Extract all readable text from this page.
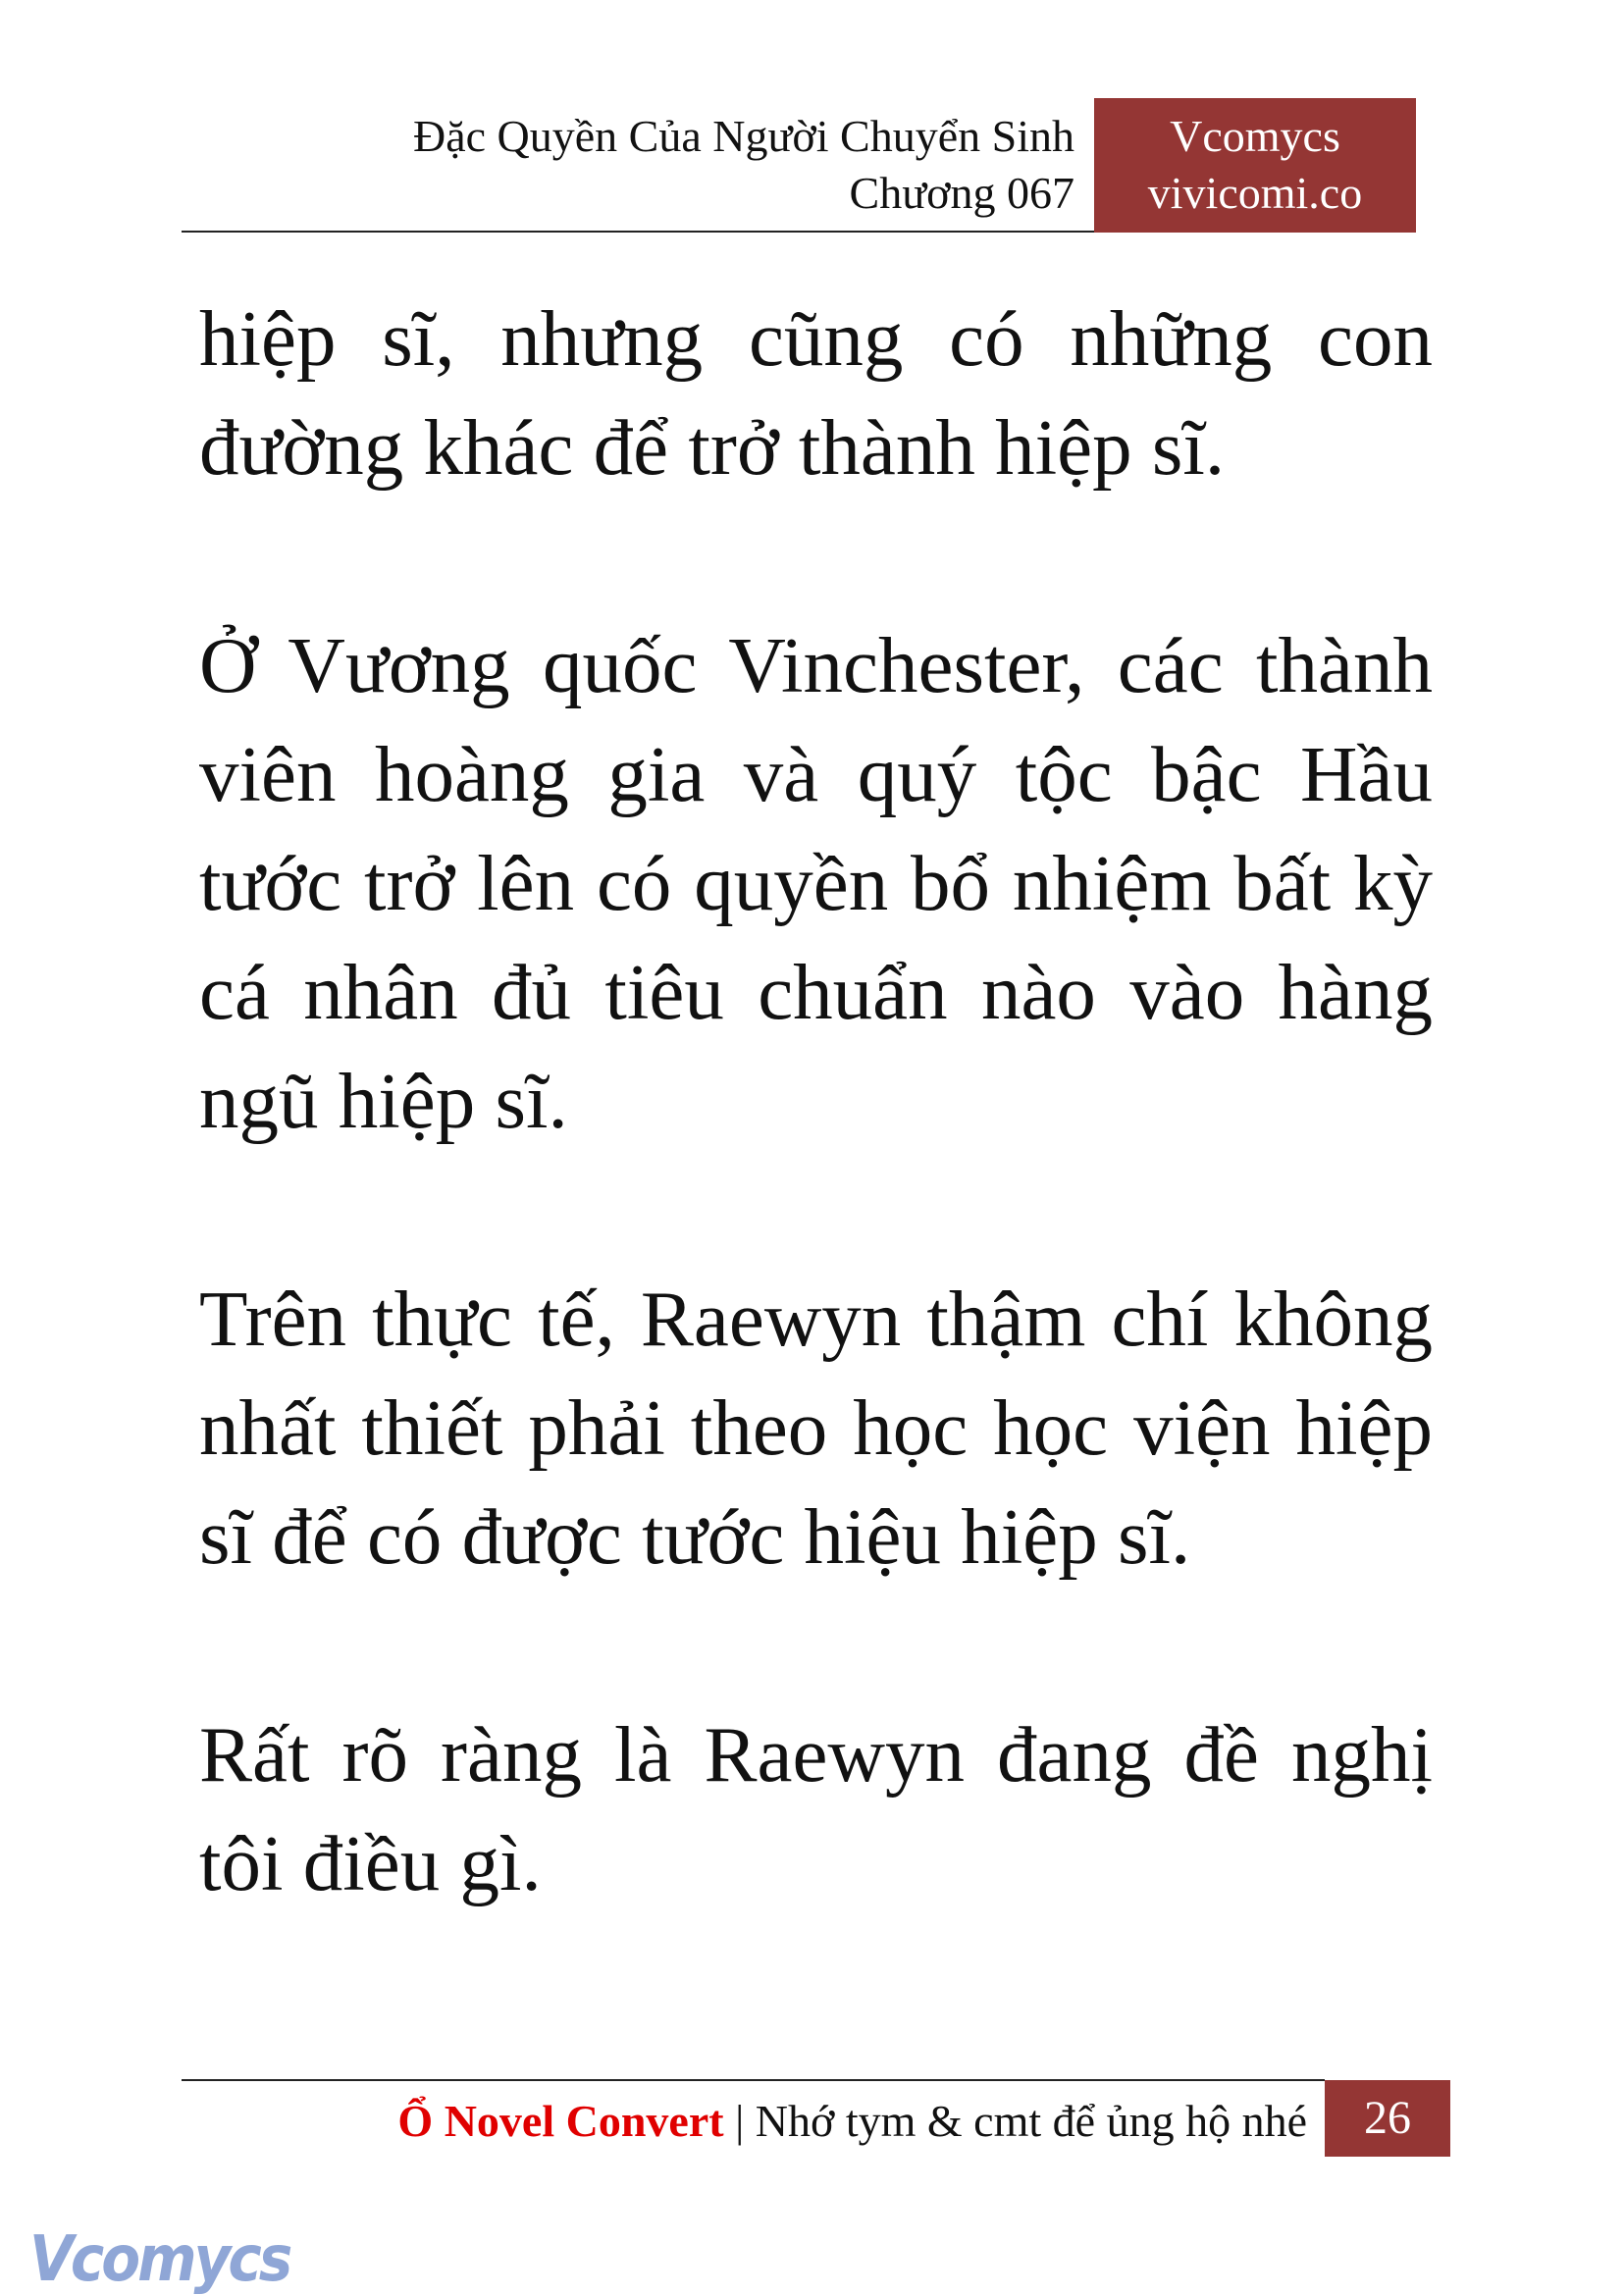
Đặc Quyền Của Người Chuyển Sinh
Chương 067
Vcomycs
vivicomi.co

hiệp sĩ, nhưng cũng có những con đường khác để trở thành hiệp sĩ.

Ở Vương quốc Vinchester, các thành viên hoàng gia và quý tộc bậc Hầu tước trở lên có quyền bổ nhiệm bất kỳ cá nhân đủ tiêu chuẩn nào vào hàng ngũ hiệp sĩ.

Trên thực tế, Raewyn thậm chí không nhất thiết phải theo học học viện hiệp sĩ để có được tước hiệu hiệp sĩ.

Rất rõ ràng là Raewyn đang đề nghị tôi điều gì.

Ổ Novel Convert | Nhớ tym & cmt để ủng hộ nhé	26
Vcomycs
